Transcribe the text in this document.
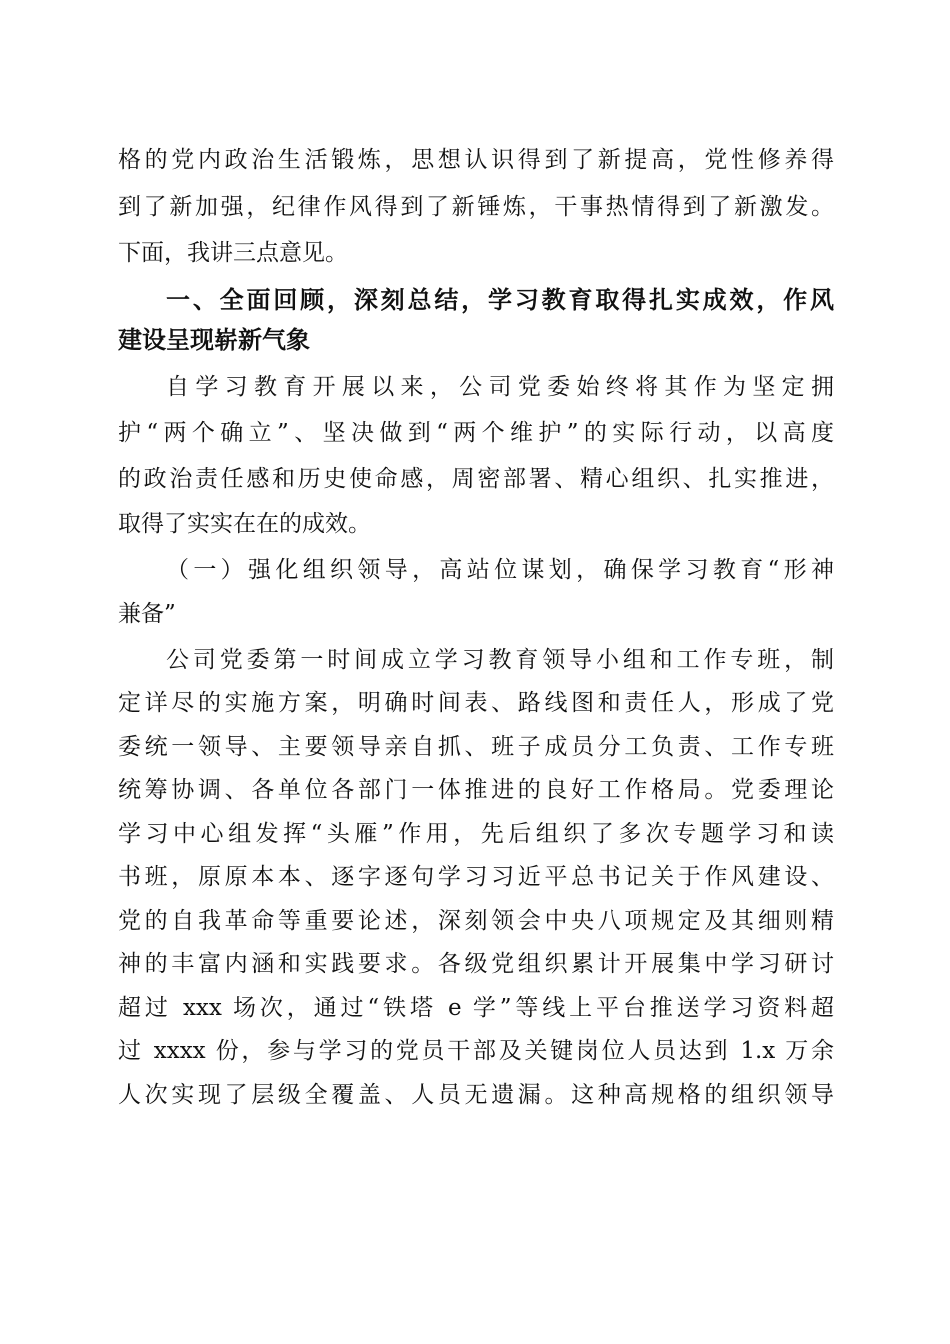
格的党内政治生活锻炼，思想认识得到了新提高，党性修养得
到了新加强，纪律作风得到了新锤炼，干事热情得到了新激发。
下面，我讲三点意见。
一、全面回顾，深刻总结，学习教育取得扎实成效，作风
建设呈现崭新气象
自学习教育开展以来，公司党委始终将其作为坚定拥
护“两个确立”、坚决做到“两个维护”的实际行动，以高度
的政治责任感和历史使命感，周密部署、精心组织、扎实推进，
取得了实实在在的成效。
（一）强化组织领导，高站位谋划，确保学习教育“形神
兼备”
公司党委第一时间成立学习教育领导小组和工作专班，制
定详尽的实施方案，明确时间表、路线图和责任人，形成了党
委统一领导、主要领导亲自抓、班子成员分工负责、工作专班
统筹协调、各单位各部门一体推进的良好工作格局。党委理论
学习中心组发挥“头雁”作用，先后组织了多次专题学习和读
书班，原原本本、逐字逐句学习习近平总书记关于作风建设、
党的自我革命等重要论述，深刻领会中央八项规定及其细则精
神的丰富内涵和实践要求。各级党组织累计开展集中学习研讨
超过 xxx 场次，通过“铁塔 e 学”等线上平台推送学习资料超
过 xxxx 份，参与学习的党员干部及关键岗位人员达到 1.x 万余
人次实现了层级全覆盖、人员无遗漏。这种高规格的组织领导
